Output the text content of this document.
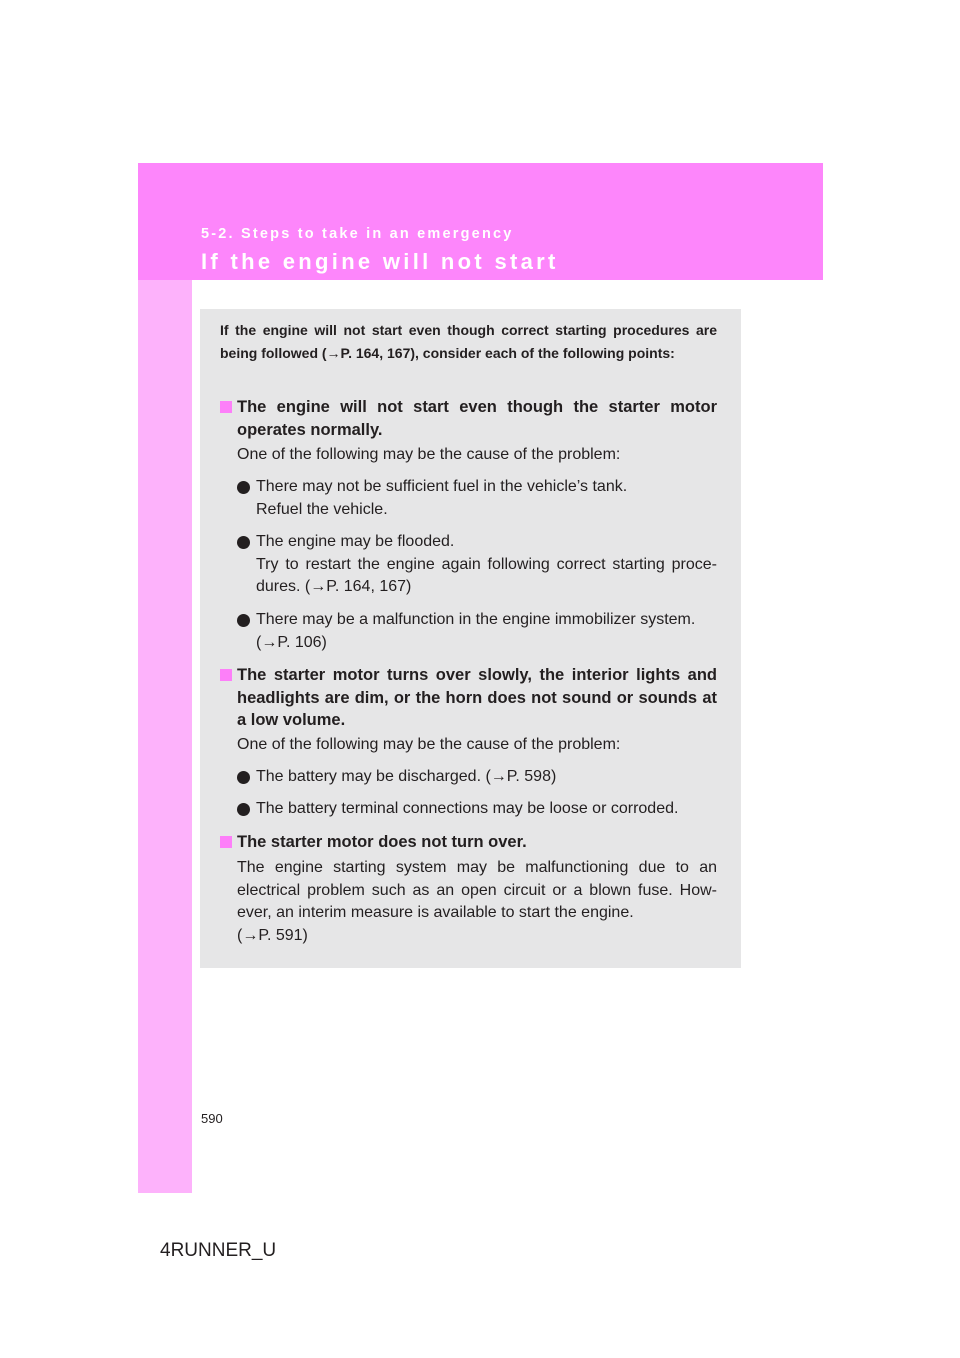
5-2. Steps to take in an emergency
If the engine will not start
If the engine will not start even though correct starting procedures are being followed (→P. 164, 167), consider each of the following points:
The engine will not start even though the starter motor operates normally.
One of the following may be the cause of the problem:
There may not be sufficient fuel in the vehicle’s tank.
Refuel the vehicle.
The engine may be flooded.
Try to restart the engine again following correct starting proce-dures. (→P. 164, 167)
There may be a malfunction in the engine immobilizer system.
(→P. 106)
The starter motor turns over slowly, the interior lights and headlights are dim, or the horn does not sound or sounds at a low volume.
One of the following may be the cause of the problem:
The battery may be discharged. (→P. 598)
The battery terminal connections may be loose or corroded.
The starter motor does not turn over.
The engine starting system may be malfunctioning due to an electrical problem such as an open circuit or a blown fuse. How-ever, an interim measure is available to start the engine.
(→P. 591)
590
4RUNNER_U
